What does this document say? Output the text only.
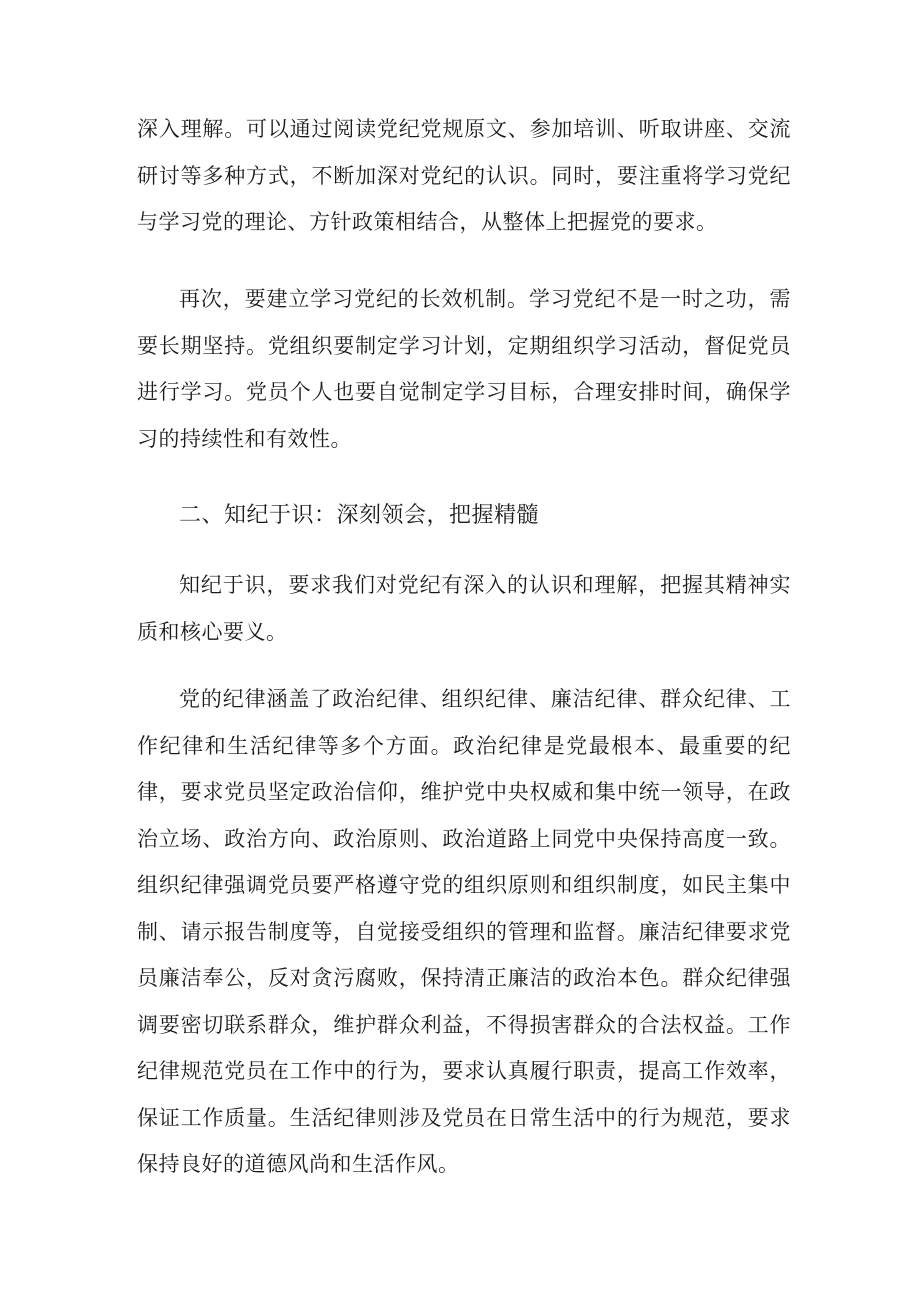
深入理解。可以通过阅读党纪党规原文、参加培训、听取讲座、交流研讨等多种方式，不断加深对党纪的认识。同时，要注重将学习党纪与学习党的理论、方针政策相结合，从整体上把握党的要求。

再次，要建立学习党纪的长效机制。学习党纪不是一时之功，需要长期坚持。党组织要制定学习计划，定期组织学习活动，督促党员进行学习。党员个人也要自觉制定学习目标，合理安排时间，确保学习的持续性和有效性。

二、知纪于识：深刻领会，把握精髓

知纪于识，要求我们对党纪有深入的认识和理解，把握其精神实质和核心要义。

党的纪律涵盖了政治纪律、组织纪律、廉洁纪律、群众纪律、工作纪律和生活纪律等多个方面。政治纪律是党最根本、最重要的纪律，要求党员坚定政治信仰，维护党中央权威和集中统一领导，在政治立场、政治方向、政治原则、政治道路上同党中央保持高度一致。组织纪律强调党员要严格遵守党的组织原则和组织制度，如民主集中制、请示报告制度等，自觉接受组织的管理和监督。廉洁纪律要求党员廉洁奉公，反对贪污腐败，保持清正廉洁的政治本色。群众纪律强调要密切联系群众，维护群众利益，不得损害群众的合法权益。工作纪律规范党员在工作中的行为，要求认真履行职责，提高工作效率，保证工作质量。生活纪律则涉及党员在日常生活中的行为规范，要求保持良好的道德风尚和生活作风。
